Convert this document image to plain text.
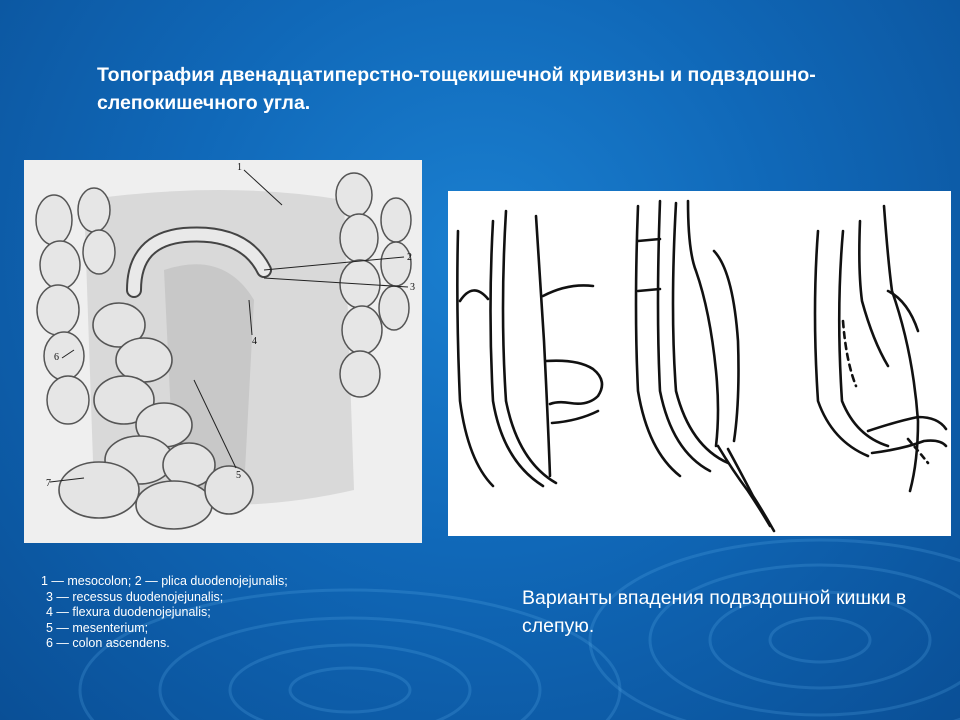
Топография двенадцатиперстно-тощекишечной кривизны и подвздошно-слепокишечного угла.
1
2
3
4
5
6
7
1 — mesocolon; 2 — plica duodenojejunalis;
3 — recessus duodenojejunalis;
4 — flexura duodenojejunalis;
5 — mesenterium;
6 — colon ascendens.
Варианты впадения подвздошной кишки в слепую.
